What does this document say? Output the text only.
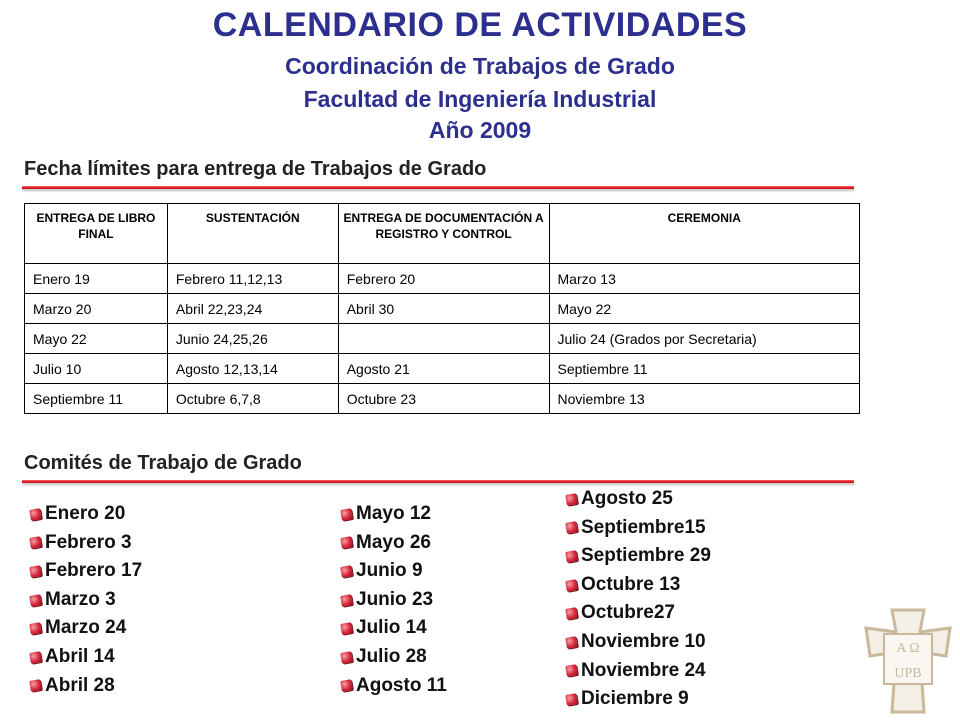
CALENDARIO DE ACTIVIDADES
Coordinación de Trabajos de Grado
Facultad de Ingeniería Industrial
Año 2009
Fecha límites para entrega de Trabajos de Grado
ENTREGA DE LIBRO FINAL	SUSTENTACIÓN	ENTREGA DE DOCUMENTACIÓN A REGISTRO Y CONTROL	CEREMONIA
Enero 19	Febrero 11,12,13	Febrero 20	Marzo 13
Marzo 20	Abril 22,23,24	Abril 30	Mayo 22
Mayo 22	Junio 24,25,26		Julio 24 (Grados por Secretaria)
Julio 10	Agosto 12,13,14	Agosto 21	Septiembre 11
Septiembre 11	Octubre 6,7,8	Octubre 23	Noviembre 13
Comités de Trabajo de Grado
Enero 20
Febrero 3
Febrero 17
Marzo 3
Marzo 24
Abril 14
Abril 28
Mayo 12
Mayo 26
Junio 9
Junio 23
Julio 14
Julio 28
Agosto 11
Agosto 25
Septiembre15
Septiembre 29
Octubre 13
Octubre27
Noviembre 10
Noviembre 24
Diciembre 9
A Ω
UPB
